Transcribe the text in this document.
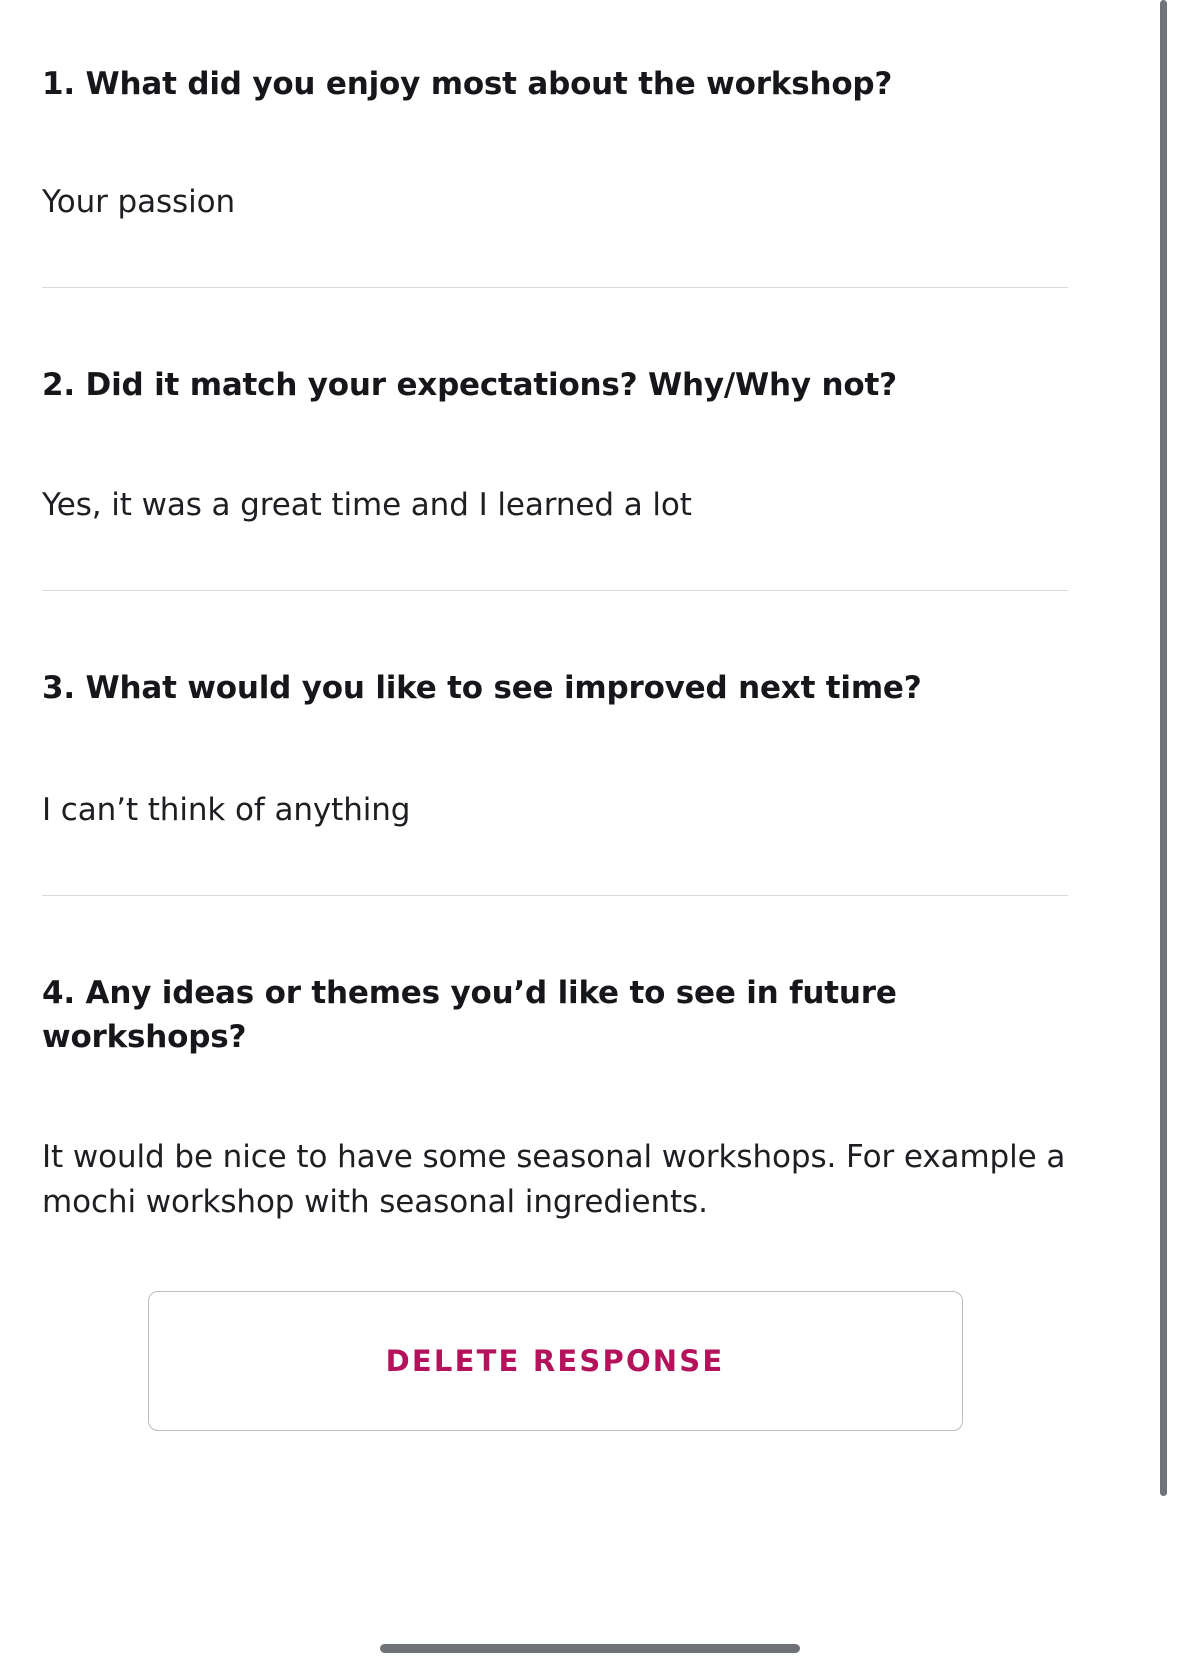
1. What did you enjoy most about the workshop?

Your passion

2. Did it match your expectations? Why/Why not?

Yes, it was a great time and I learned a lot

3. What would you like to see improved next time?

I can’t think of anything

4. Any ideas or themes you’d like to see in future workshops?

It would be nice to have some seasonal workshops. For example a mochi workshop with seasonal ingredients.

DELETE RESPONSE
